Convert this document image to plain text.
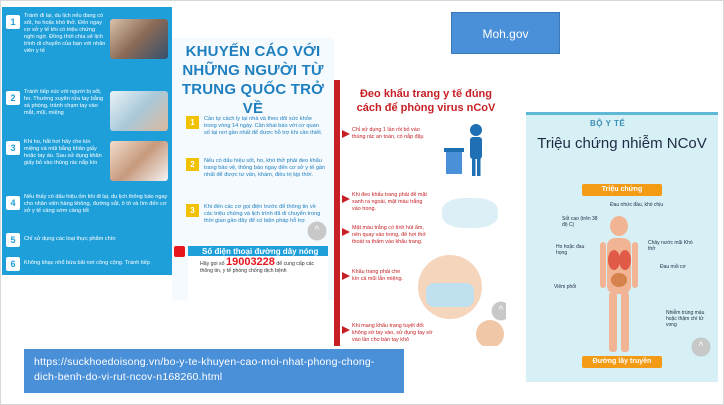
1
Tránh đi lại, du lịch nếu đang có sốt, ho hoặc khó thở. Đến ngay cơ sở y tế khi có triệu chứng nghi ngờ. Đồng thời chia sẻ lịch trình di chuyển của bạn với nhân viên y tế
2
Tránh tiếp xúc với người bị sốt, ho. Thường xuyên rửa tay bằng xà phòng, tránh chạm tay vào mắt, mũi, miệng
3
Khi ho, hắt hơi hãy che kín miệng và mũi bằng khăn giấy hoặc tay áo. Sau sử dụng khăn giấy bỏ vào thùng rác nắp kín
4
Nếu thấy có dấu hiệu ốm khi đi lại, du lịch thông báo ngay cho nhân viên hàng không, đường sắt, ô tô và tìm đến cơ sở y tế càng sớm càng tốt
5	Chỉ sử dụng các loại thực phẩm chín
6	Không khạc nhổ bừa bãi nơi công cộng. Tránh tiếp
KHUYẾN CÁO VỚI NHỮNG NGƯỜI TỪ TRUNG QUỐC TRỞ VỀ
1	Cần tự cách ly tại nhà và theo dõi sức khỏe trong vòng 14 ngày. Cần khai báo với cơ quan số tại nơi gần nhất để được hỗ trợ khi cần thiết.
2	Nếu có dấu hiệu sốt, ho, khó thở phải đeo khẩu trang bảo vệ, thông báo ngay đến cơ sở y tế gần nhất để được tư vấn, khám, điều trị kịp thời.
3	Khi đến các cơ gọi điện trước để thông tin về các triệu chứng và lịch trình đã di chuyển trong thời gian gần đây để có biện pháp hỗ trợ.
Số điện thoại đường dây nóng
Hãy gọi số 19003228 để cung cấp các thông tin, y tế phòng chống dịch bệnh
^
Đeo khẩu trang y tế đúng cách để phòng virus nCoV
Chỉ sử dụng 1 lần rồi bỏ vào thùng rác an toàn, có nắp đậy.
Khi đeo khẩu trang phải để mặt xanh ra ngoài, mặt màu trắng vào trong.
Mặt màu trắng có tính hút ẩm, nên quay vào trong, để hơi thở thoát ra thấm vào khẩu trang.
Khẩu trang phải che kín cả mũi lẫn miệng.
Khi mang khẩu trang tuyệt đối không sờ tay vào, sử dụng tay sờ vào lần cho bàn tay khô
^
BỘ Y TẾ
Triệu chứng nhiễm NCoV
Triệu chứng
Đau nhức đầu, khó chịu
Sốt cao (trên 38 độ C)
Ho hoặc đau họng
Chảy nước mũi Khó thở
Đau mỏi cơ
Viêm phổi
Nhiễm trùng máu hoặc thậm chí tử vong
Đường lây truyền
^
Moh.gov
https://suckhoedoisong.vn/bo-y-te-khuyen-cao-moi-nhat-phong-chong-dich-benh-do-vi-rut-ncov-n168260.html
